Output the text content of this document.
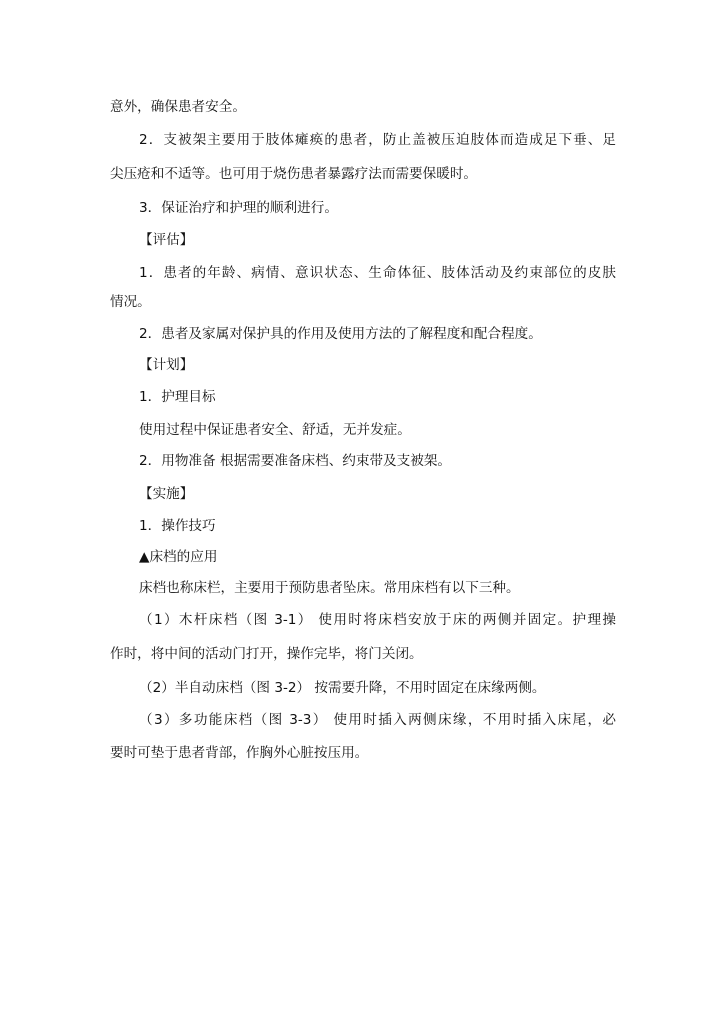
意外，确保患者安全。
2．支被架主要用于肢体瘫痪的患者，防止盖被压迫肢体而造成足下垂、足
尖压疮和不适等。也可用于烧伤患者暴露疗法而需要保暖时。
3．保证治疗和护理的顺利进行。
【评估】
1．患者的年龄、病情、意识状态、生命体征、肢体活动及约束部位的皮肤
情况。
2．患者及家属对保护具的作用及使用方法的了解程度和配合程度。
【计划】
1．护理目标
使用过程中保证患者安全、舒适，无并发症。
2．用物准备 根据需要准备床档、约束带及支被架。
【实施】
1．操作技巧
▲床档的应用
床档也称床栏，主要用于预防患者坠床。常用床档有以下三种。
（1）木杆床档（图 3-1） 使用时将床档安放于床的两侧并固定。护理操
作时，将中间的活动门打开，操作完毕，将门关闭。
（2）半自动床档（图 3-2） 按需要升降，不用时固定在床缘两侧。
（3）多功能床档（图 3-3） 使用时插入两侧床缘，不用时插入床尾，必
要时可垫于患者背部，作胸外心脏按压用。
